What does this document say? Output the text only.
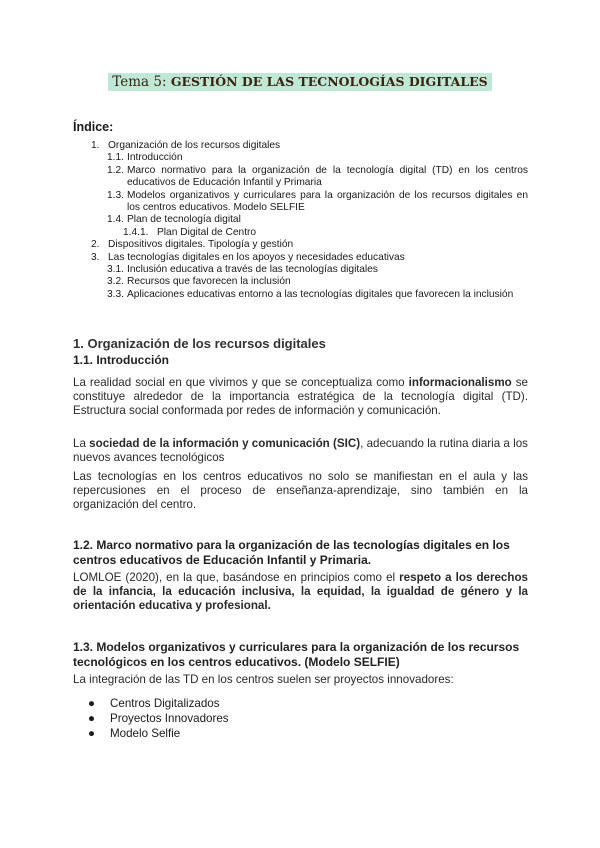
Tema 5: GESTIÓN DE LAS TECNOLOGÍAS DIGITALES
Índice:
1. Organización de los recursos digitales
1.1. Introducción
1.2. Marco normativo para la organización de la tecnología digital (TD) en los centros educativos de Educación Infantil y Primaria
1.3. Modelos organizativos y curriculares para la organización de los recursos digitales en los centros educativos. Modelo SELFIE
1.4. Plan de tecnología digital
1.4.1. Plan Digital de Centro
2. Dispositivos digitales. Tipología y gestión
3. Las tecnologías digitales en los apoyos y necesidades educativas
3.1. Inclusión educativa a través de las tecnologías digitales
3.2. Recursos que favorecen la inclusión
3.3. Aplicaciones educativas entorno a las tecnologías digitales que favorecen la inclusión
1. Organización de los recursos digitales
1.1. Introducción
La realidad social en que vivimos y que se conceptualiza como informacionalismo se constituye alrededor de la importancia estratégica de la tecnología digital (TD). Estructura social conformada por redes de información y comunicación.
La sociedad de la información y comunicación (SIC), adecuando la rutina diaria a los nuevos avances tecnológicos
Las tecnologías en los centros educativos no solo se manifiestan en el aula y las repercusiones en el proceso de enseñanza-aprendizaje, sino también en la organización del centro.
1.2. Marco normativo para la organización de las tecnologías digitales en los centros educativos de Educación Infantil y Primaria.
LOMLOE (2020), en la que, basándose en principios como el respeto a los derechos de la infancia, la educación inclusiva, la equidad, la igualdad de género y la orientación educativa y profesional.
1.3. Modelos organizativos y curriculares para la organización de los recursos tecnológicos en los centros educativos. (Modelo SELFIE)
La integración de las TD en los centros suelen ser proyectos innovadores:
●	Centros Digitalizados
●	Proyectos Innovadores
●	Modelo Selfie
